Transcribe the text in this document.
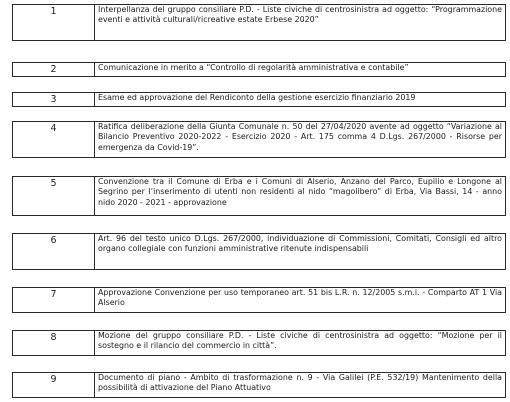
1	Interpellanza del gruppo consiliare P.D. - Liste civiche di centrosinistra ad oggetto: “Programmazione eventi e attività culturali/ricreative estate Erbese 2020”
2	Comunicazione in merito a “Controllo di regolarità amministrativa e contabile”
3	Esame ed approvazione del Rendiconto della gestione esercizio finanziario 2019
4	Ratifica deliberazione della Giunta Comunale n. 50 del 27/04/2020 avente ad oggetto “Variazione al Bilancio Preventivo 2020-2022 - Esercizio 2020 - Art. 175 comma 4 D.Lgs. 267/2000 - Risorse per emergenza da Covid-19”.
5	Convenzione tra il Comune di Erba e i Comuni di Alserio, Anzano del Parco, Eupilio e Longone al Segrino per l’inserimento di utenti non residenti al nido “magolibero” di Erba, Via Bassi, 14 - anno nido 2020 - 2021 - approvazione
6	Art. 96 del testo unico D.Lgs. 267/2000, individuazione di Commissioni, Comitati, Consigli ed altro organo collegiale con funzioni amministrative ritenute indispensabili
7	Approvazione Convenzione per uso temporaneo art. 51 bis L.R. n. 12/2005 s.m.i. - Comparto AT 1 Via Alserio
8	Mozione del gruppo consiliare P.D. - Liste civiche di centrosinistra ad oggetto: “Mozione per il sostegno e il rilancio del commercio in città”.
9	Documento di piano - Ambito di trasformazione n. 9 - Via Galilei (P.E. 532/19) Mantenimento della possibilità di attivazione del Piano Attuativo
